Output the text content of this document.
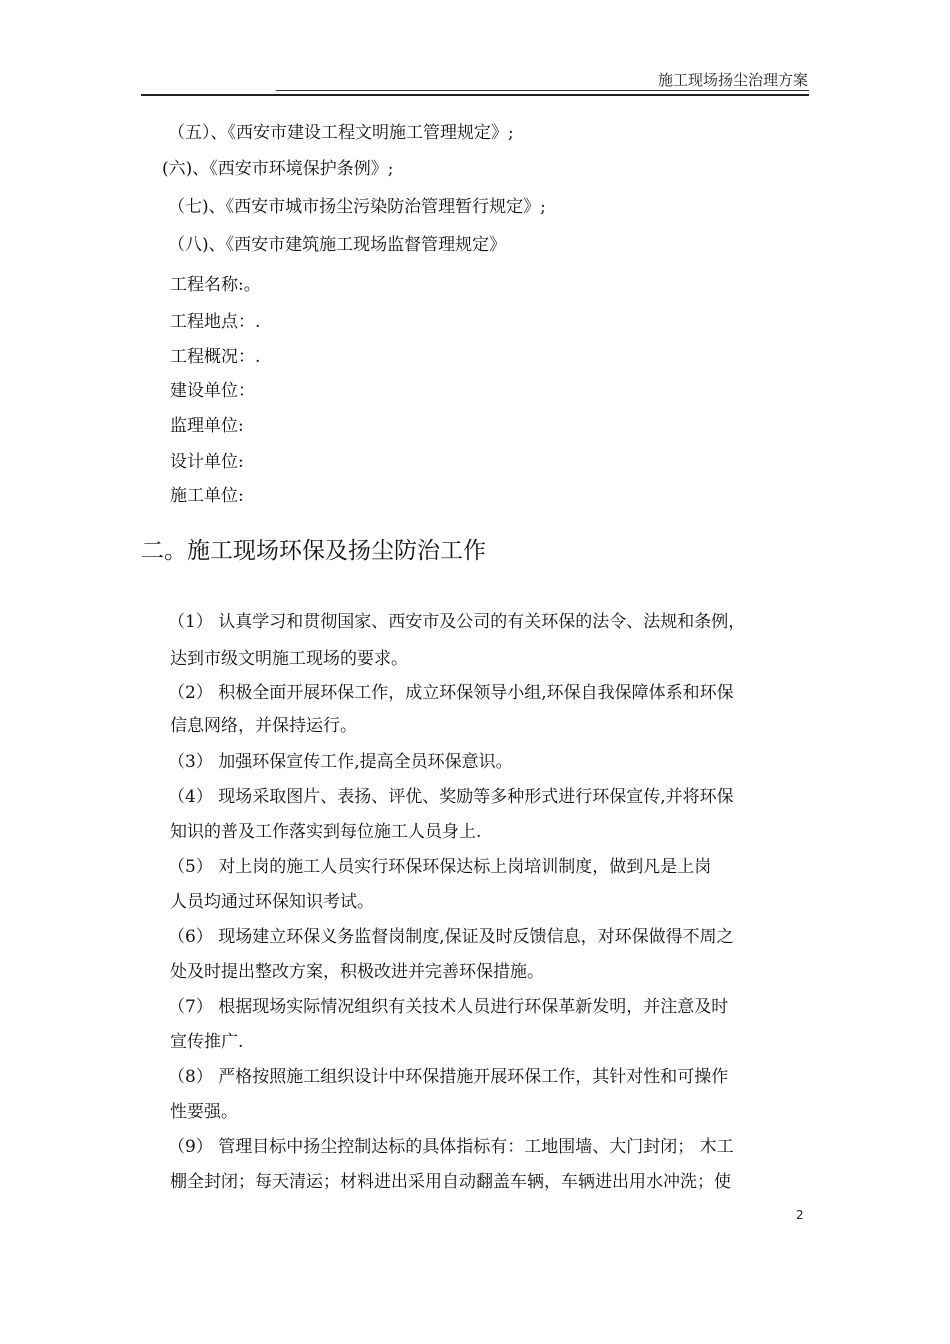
施工现场扬尘治理方案
（五）、《西安市建设工程文明施工管理规定》;
(六)、《西安市环境保护条例》;
（七)、《西安市城市扬尘污染防治管理暂行规定》;
（八)、《西安市建筑施工现场监督管理规定》
工程名称:。
工程地点：.
工程概况：.
建设单位：
监理单位:
设计单位:
施工单位:
二。施工现场环保及扬尘防治工作
（1） 认真学习和贯彻国家、西安市及公司的有关环保的法令、法规和条例，
达到市级文明施工现场的要求。
（2） 积极全面开展环保工作，成立环保领导小组,环保自我保障体系和环保
信息网络，并保持运行。
（3） 加强环保宣传工作,提高全员环保意识。
（4） 现场采取图片、表扬、评优、奖励等多种形式进行环保宣传,并将环保
知识的普及工作落实到每位施工人员身上.
（5） 对上岗的施工人员实行环保环保达标上岗培训制度，做到凡是上岗
人员均通过环保知识考试。
（6） 现场建立环保义务监督岗制度,保证及时反馈信息，对环保做得不周之
处及时提出整改方案，积极改进并完善环保措施。
（7） 根据现场实际情况组织有关技术人员进行环保革新发明，并注意及时
宣传推广.
（8） 严格按照施工组织设计中环保措施开展环保工作，其针对性和可操作
性要强。
（9） 管理目标中扬尘控制达标的具体指标有：工地围墙、大门封闭； 木工
棚全封闭；每天清运；材料进出采用自动翻盖车辆，车辆进出用水冲洗；使
2
